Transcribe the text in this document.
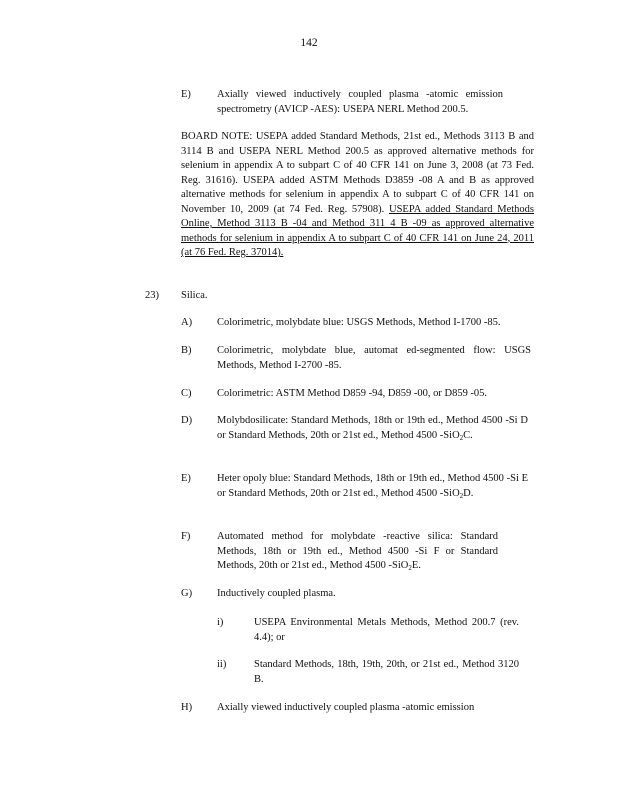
142
E) Axially viewed inductively coupled plasma -atomic emission spectrometry (AVICP -AES): USEPA NERL Method 200.5.
BOARD NOTE: USEPA added Standard Methods, 21st ed., Methods 3113 B and 3114 B and USEPA NERL Method 200.5 as approved alternative methods for selenium in appendix A to subpart C of 40 CFR 141 on June 3, 2008 (at 73 Fed. Reg. 31616). USEPA added ASTM Methods D3859 -08 A and B as approved alternative methods for selenium in appendix A to subpart C of 40 CFR 141 on November 10, 2009 (at 74 Fed. Reg. 57908). USEPA added Standard Methods Online, Method 3113 B -04 and Method 311 4 B -09 as approved alternative methods for selenium in appendix A to subpart C of 40 CFR 141 on June 24, 2011 (at 76 Fed. Reg. 37014).
23) Silica.
A) Colorimetric, molybdate blue: USGS Methods, Method I-1700 -85.
B) Colorimetric, molybdate blue, automat ed-segmented flow: USGS Methods, Method I-2700 -85.
C) Colorimetric: ASTM Method D859 -94, D859 -00, or D859 -05.
D) Molybdosilicate: Standard Methods, 18th or 19th ed., Method 4500 -Si D or Standard Methods, 20th or 21st ed., Method 4500 -SiO$_2$C.
E) Heter opoly blue: Standard Methods, 18th or 19th ed., Method 4500 -Si E or Standard Methods, 20th or 21st ed., Method 4500 -SiO$_2$D.
F)	Automated method for molybdate -reactive silica: Standard Methods, 18th or 19th ed., Method 4500 -Si F or Standard Methods, 20th or 21st ed., Method 4500 -SiO$_2$E.
G) Inductively coupled plasma.
i)	USEPA Environmental Metals Methods, Method 200.7 (rev. 4.4); or
ii)	Standard Methods, 18th, 19th, 20th, or 21st ed., Method 3120 B.
H) Axially viewed inductively coupled plasma -atomic emission
